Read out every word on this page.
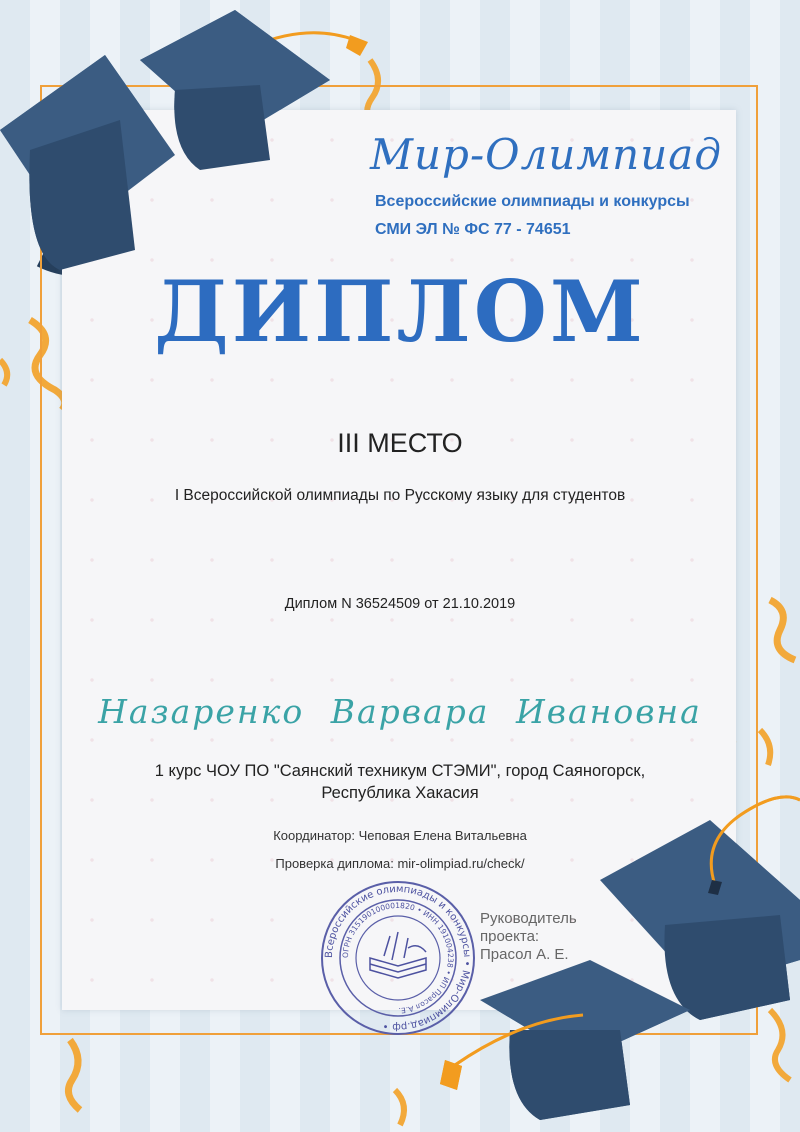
Мир-Олимпиад
Всероссийские олимпиады и конкурсы
СМИ ЭЛ № ФС 77 - 74651
ДИПЛОМ
III МЕСТО
I Всероссийской олимпиады по Русскому языку для студентов
Диплом N 36524509 от 21.10.2019
Назаренко Варвара Ивановна
1 курс ЧОУ ПО "Саянский техникум СТЭМИ", город Саяногорск,
Республика Хакасия
Координатор: Чеповая Елена Витальевна
Проверка диплома: mir-olimpiad.ru/check/
Всероссийские олимпиады и конкурсы • Мир-Олимпиад.рф •
ОГРН 315190100001820 • ИНН 191004238 • ИП Прасол А.Е.
Руководитель
проекта:
Прасол А. Е.
